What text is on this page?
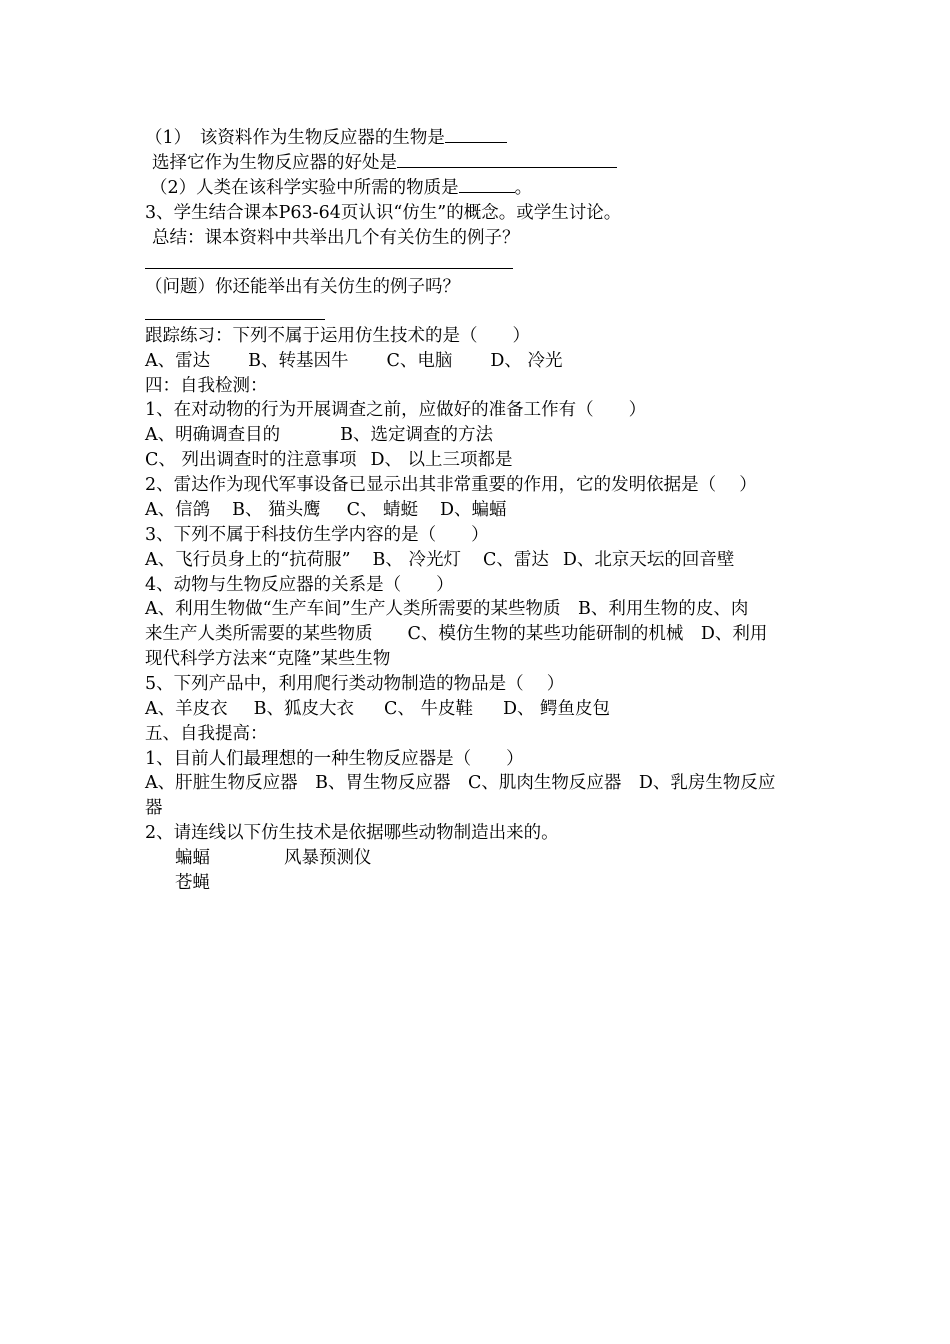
（1）　该资料作为生物反应器的生物是
选择它作为生物反应器的好处是
（2）人类在该科学实验中所需的物质是	。
3、学生结合课本P63-64页认识“仿生”的概念。或学生讨论。
总结：课本资料中共举出几个有关仿生的例子？
（问题）你还能举出有关仿生的例子吗？
跟踪练习：下列不属于运用仿生技术的是（　　）
A、雷达 B、转基因牛 C、电脑 D、 冷光
四：自我检测：
1、在对动物的行为开展调查之前，应做好的准备工作有（　　）
A、明确调查目的	B、选定调查的方法
C、 列出调查时的注意事项 D、 以上三项都是
2、雷达作为现代军事设备已显示出其非常重要的作用，它的发明依据是（　 ）
A、信鸽 B、 猫头鹰 C、 蜻蜓 D、蝙蝠
3、下列不属于科技仿生学内容的是（　　）
A、飞行员身上的“抗荷服” B、 冷光灯 C、雷达 D、北京天坛的回音壁
4、动物与生物反应器的关系是（　　）
A、利用生物做“生产车间”生产人类所需要的某些物质　B、利用生物的皮、肉
来生产人类所需要的某些物质　　C、模仿生物的某些功能研制的机械　D、利用
现代科学方法来“克隆”某些生物
5、下列产品中，利用爬行类动物制造的物品是（　 ）
A、羊皮衣 B、狐皮大衣 C、 牛皮鞋 D、 鳄鱼皮包
五、自我提高：
1、目前人们最理想的一种生物反应器是（　　）
A、肝脏生物反应器　B、胃生物反应器　C、肌肉生物反应器　D、乳房生物反应
器
2、请连线以下仿生技术是依据哪些动物制造出来的。
蝙蝠	风暴预测仪
苍蝇
